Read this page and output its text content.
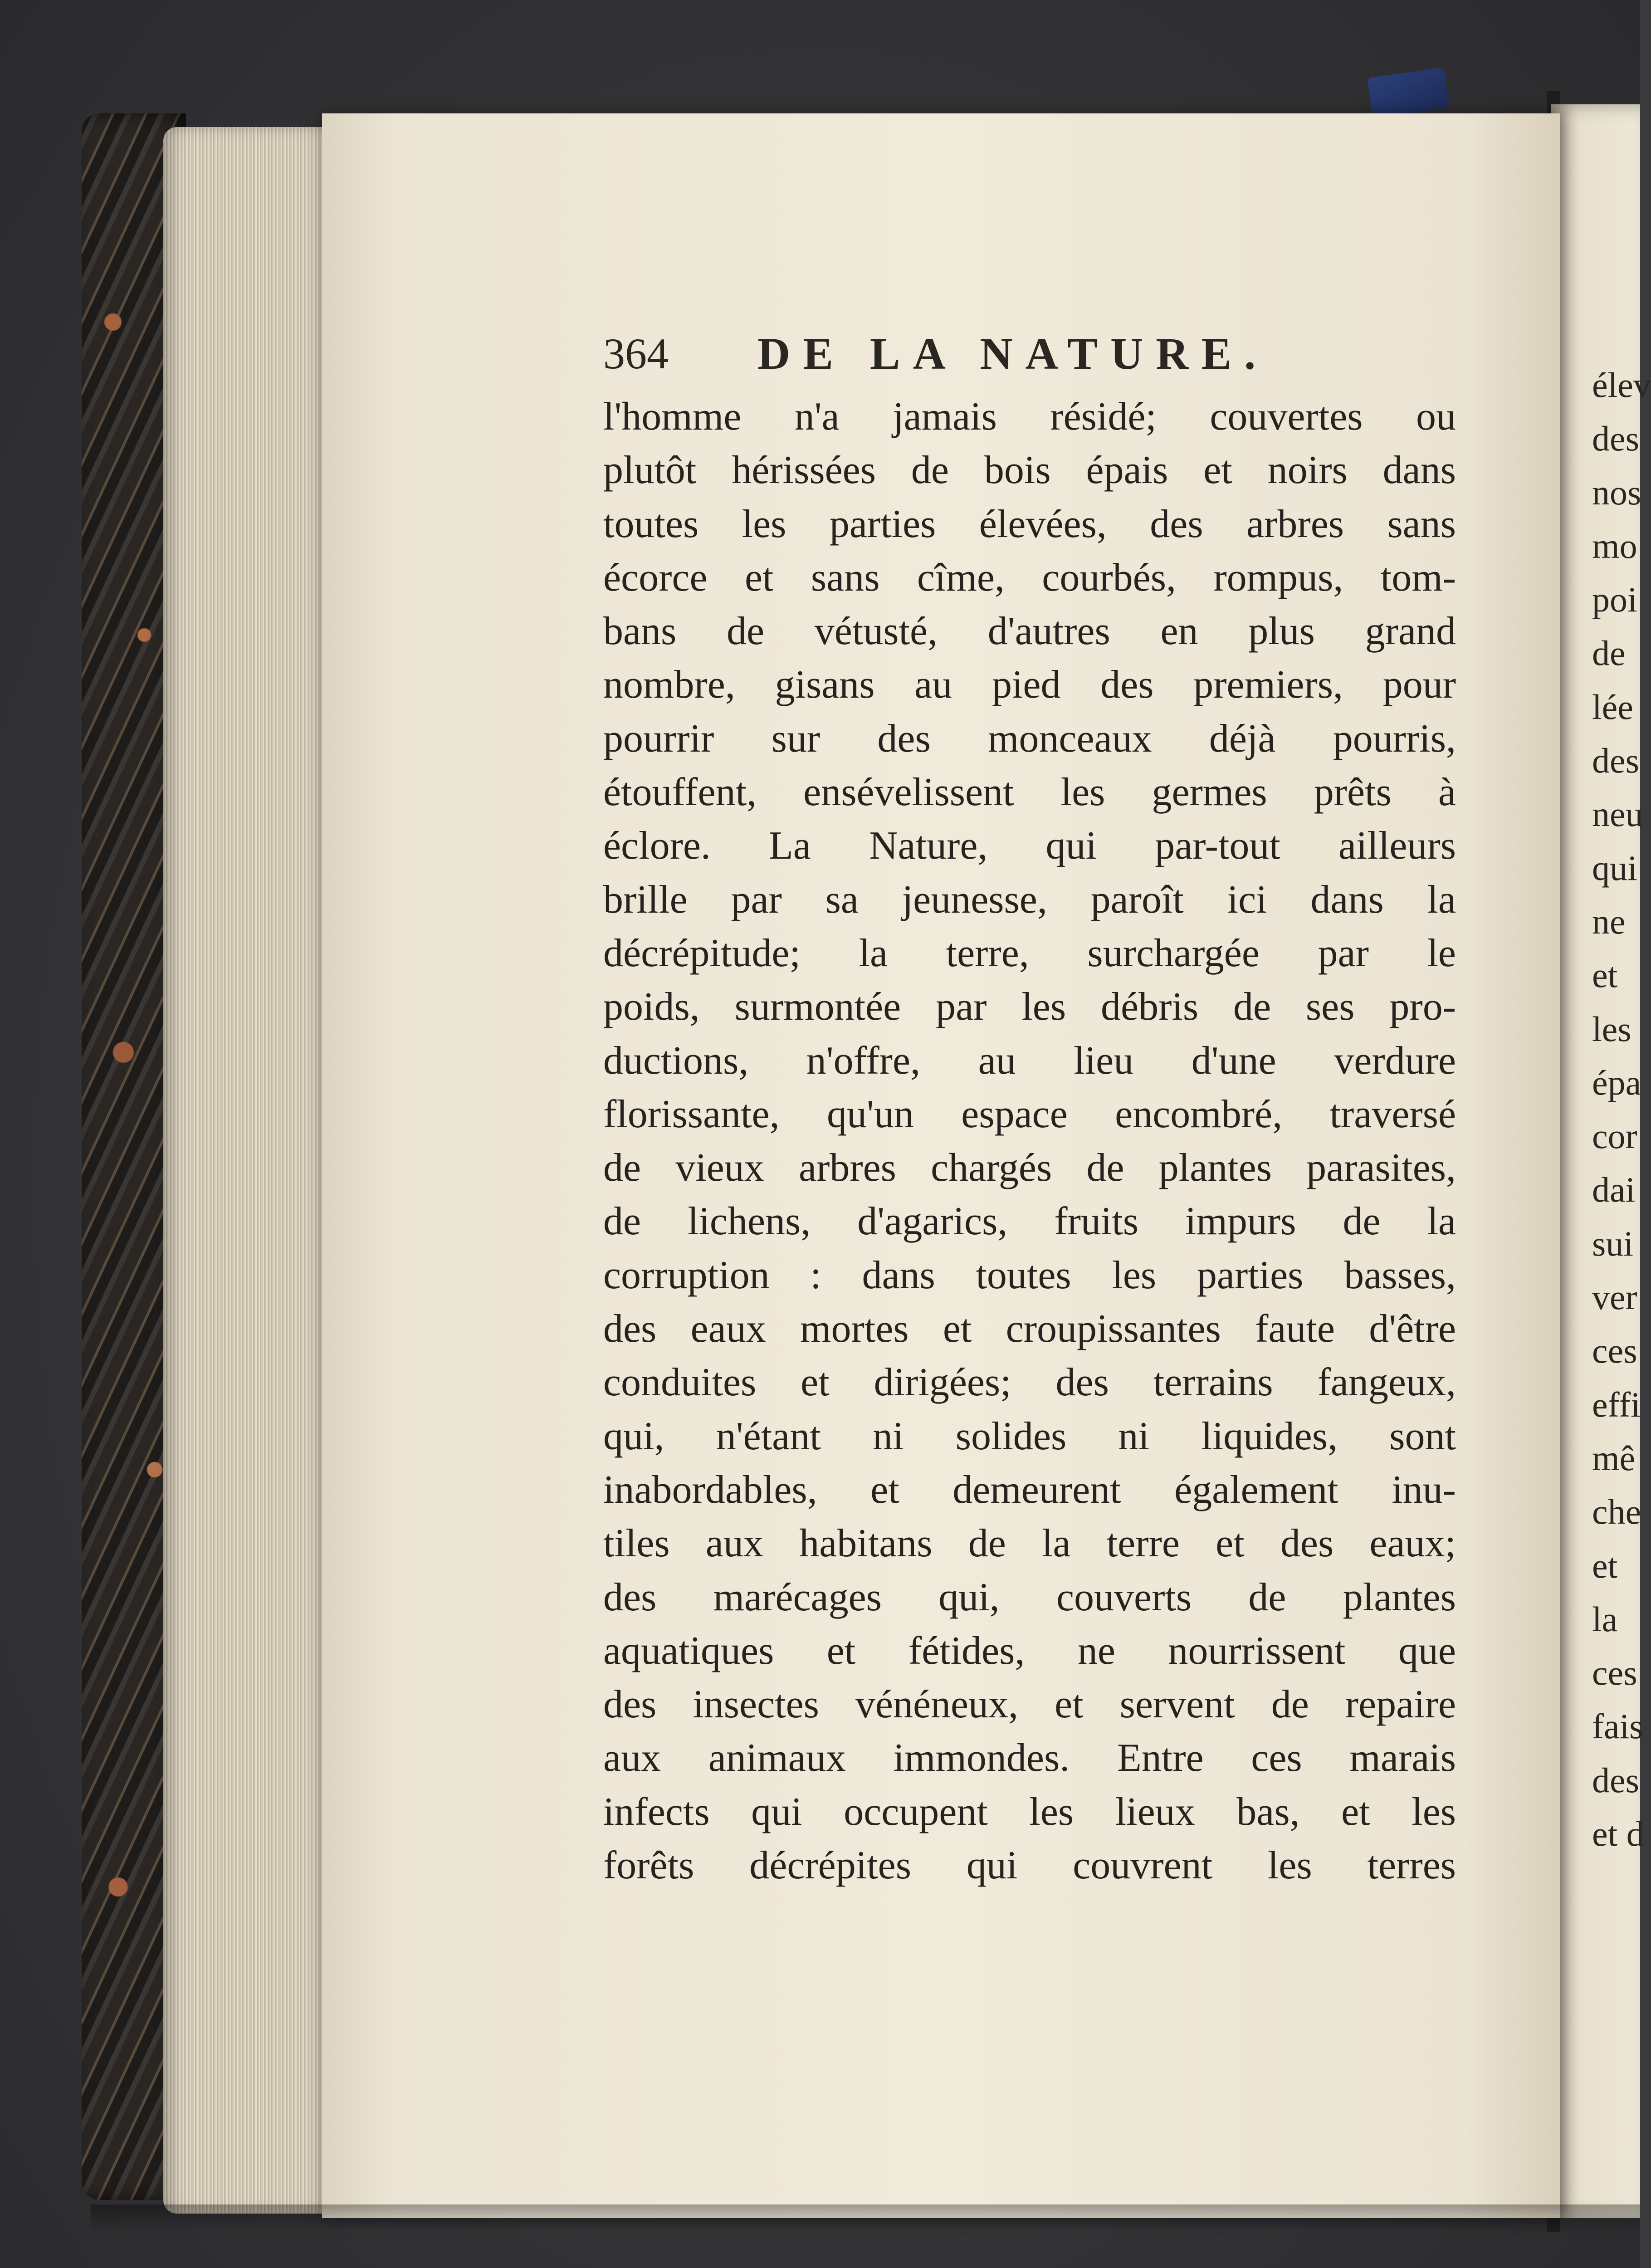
364 DE LA NATURE.
l'homme n'a jamais résidé; couvertes ou
plutôt hérissées de bois épais et noirs dans
toutes les parties élevées, des arbres sans
écorce et sans cîme, courbés, rompus, tom-
bans de vétusté, d'autres en plus grand
nombre, gisans au pied des premiers, pour
pourrir sur des monceaux déjà pourris,
étouffent, ensévelissent les germes prêts à
éclore. La Nature, qui par-tout ailleurs
brille par sa jeunesse, paroît ici dans la
décrépitude; la terre, surchargée par le
poids, surmontée par les débris de ses pro-
ductions, n'offre, au lieu d'une verdure
florissante, qu'un espace encombré, traversé
de vieux arbres chargés de plantes parasites,
de lichens, d'agarics, fruits impurs de la
corruption : dans toutes les parties basses,
des eaux mortes et croupissantes faute d'être
conduites et dirigées; des terrains fangeux,
qui, n'étant ni solides ni liquides, sont
inabordables, et demeurent également inu-
tiles aux habitans de la terre et des eaux;
des marécages qui, couverts de plantes
aquatiques et fétides, ne nourrissent que
des insectes vénéneux, et servent de repaire
aux animaux immondes. Entre ces marais
infects qui occupent les lieux bas, et les
forêts décrépites qui couvrent les terres
élev
des
nos
mo
poi
de
lée
des
neu
qui
ne
et
les
épa
cor
dai
sui
ver
ces
effi
mê
che
et
la
ces
fais
des
et d
